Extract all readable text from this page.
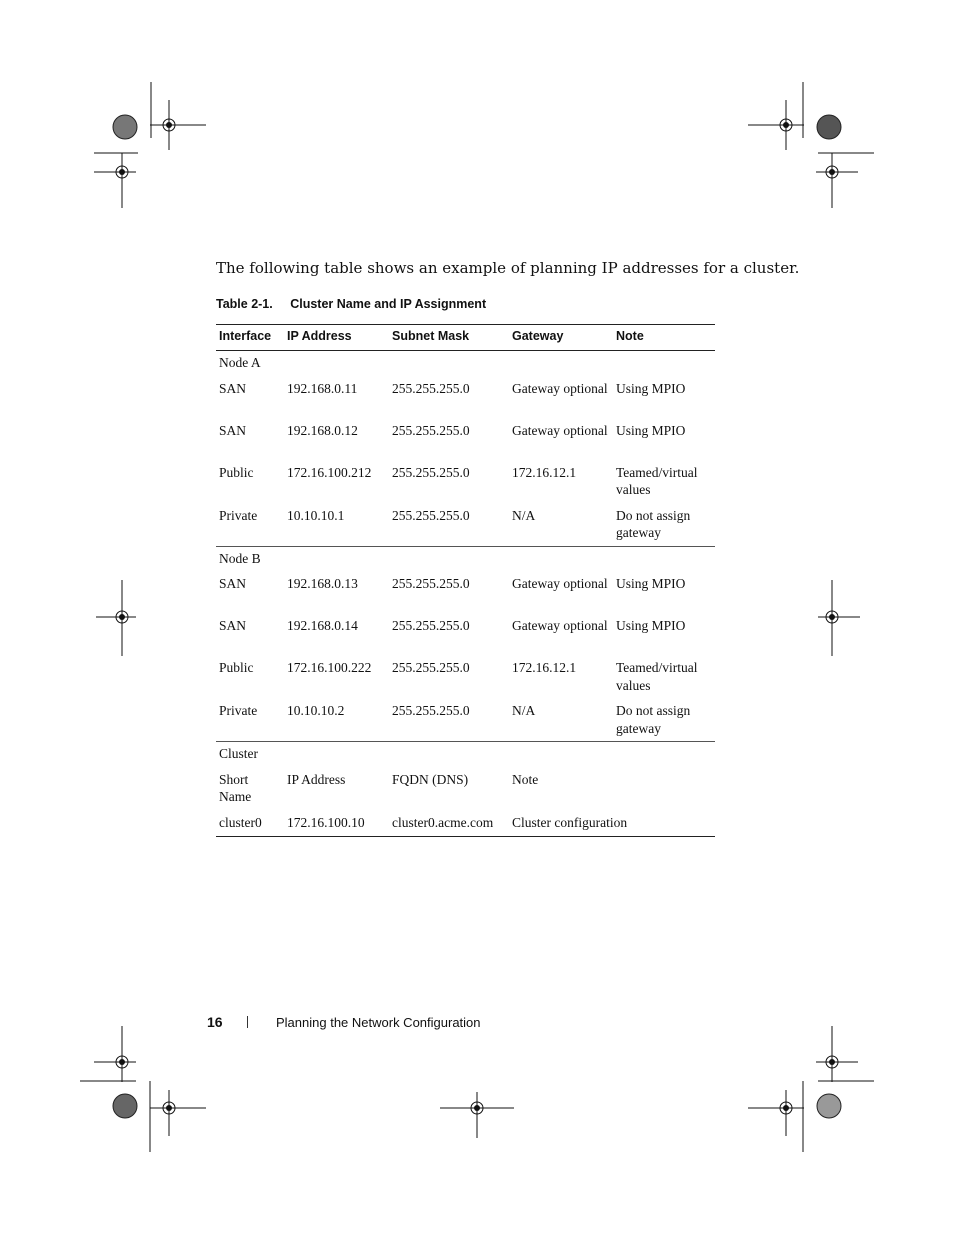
The following table shows an example of planning IP addresses for a cluster.
Table 2-1. Cluster Name and IP Assignment
Interface	IP Address	Subnet Mask	Gateway	Note
Node A				
SAN	192.168.0.11	255.255.255.0	Gateway optional	Using MPIO
SAN	192.168.0.12	255.255.255.0	Gateway optional	Using MPIO
Public	172.16.100.212	255.255.255.0	172.16.12.1	Teamed/virtual values
Private	10.10.10.1	255.255.255.0	N/A	Do not assign gateway
Node B				
SAN	192.168.0.13	255.255.255.0	Gateway optional	Using MPIO
SAN	192.168.0.14	255.255.255.0	Gateway optional	Using MPIO
Public	172.16.100.222	255.255.255.0	172.16.12.1	Teamed/virtual values
Private	10.10.10.2	255.255.255.0	N/A	Do not assign gateway
Cluster				
Short Name	IP Address	FQDN (DNS)	Note	
cluster0	172.16.100.10	cluster0.acme.com	Cluster configuration	
16	Planning the Network Configuration
